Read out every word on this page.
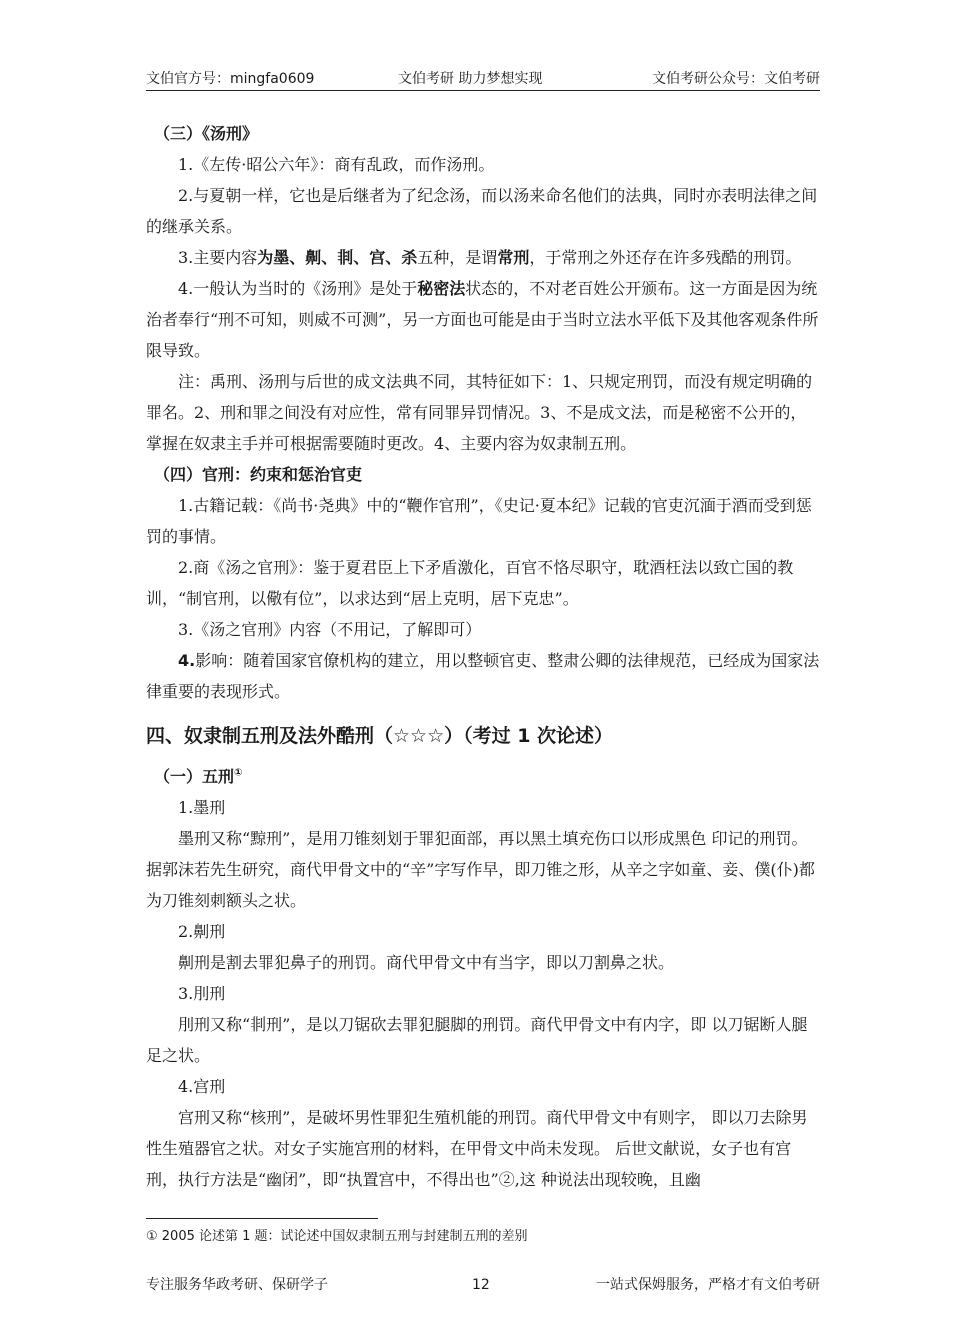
文伯官方号：mingfa0609	文伯考研 助力梦想实现	文伯考研公众号：文伯考研

（三）《汤刑》

1.《左传·昭公六年》：商有乱政，而作汤刑。

2.与夏朝一样，它也是后继者为了纪念汤，而以汤来命名他们的法典，同时亦表明法律之间的继承关系。

3.主要内容为墨、劓、剕、宫、杀五种，是谓常刑，于常刑之外还存在许多残酷的刑罚。

4.一般认为当时的《汤刑》是处于秘密法状态的，不对老百姓公开颁布。这一方面是因为统治者奉行“刑不可知，则威不可测”，另一方面也可能是由于当时立法水平低下及其他客观条件所限导致。

注：禹刑、汤刑与后世的成文法典不同，其特征如下：1、只规定刑罚，而没有规定明确的罪名。2、刑和罪之间没有对应性，常有同罪异罚情况。3、不是成文法，而是秘密不公开的，掌握在奴隶主手并可根据需要随时更改。4、主要内容为奴隶制五刑。

（四）官刑：约束和惩治官吏

1.古籍记载：《尚书·尧典》中的“鞭作官刑”，《史记·夏本纪》记载的官吏沉湎于酒而受到惩罚的事情。

2.商《汤之官刑》：鉴于夏君臣上下矛盾激化，百官不恪尽职守，耽酒枉法以致亡国的教训，“制官刑，以儆有位”，以求达到“居上克明，居下克忠”。

3.《汤之官刑》内容（不用记，了解即可）

4.影响：随着国家官僚机构的建立，用以整顿官吏、整肃公卿的法律规范，已经成为国家法律重要的表现形式。

四、奴隶制五刑及法外酷刑（☆☆☆）（考过 1 次论述）

（一）五刑①

1.墨刑

墨刑又称“黥刑”，是用刀锥刻划于罪犯面部，再以黑土填充伤口以形成黑色 印记的刑罚。据郭沫若先生研究，商代甲骨文中的“辛”字写作早，即刀锥之形，从辛之字如童、妾、僕(仆)都为刀锥刻刺额头之状。

2.劓刑

劓刑是割去罪犯鼻子的刑罚。商代甲骨文中有当字，即以刀割鼻之状。

3.刖刑

刖刑又称“剕刑”，是以刀锯砍去罪犯腿脚的刑罚。商代甲骨文中有内字，即 以刀锯断人腿足之状。

4.宫刑

宫刑又称“核刑”，是破坏男性罪犯生殖机能的刑罚。商代甲骨文中有则字， 即以刀去除男性生殖器官之状。对女子实施宫刑的材料，在甲骨文中尚未发现。 后世文献说，女子也有宫刑，执行方法是“幽闭”，即“执置宫中，不得出也”②,这 种说法出现较晚，且幽

① 2005 论述第 1 题：试论述中国奴隶制五刑与封建制五刑的差别
专注服务华政考研、保研学子	12	一站式保姆服务，严格才有文伯考研
